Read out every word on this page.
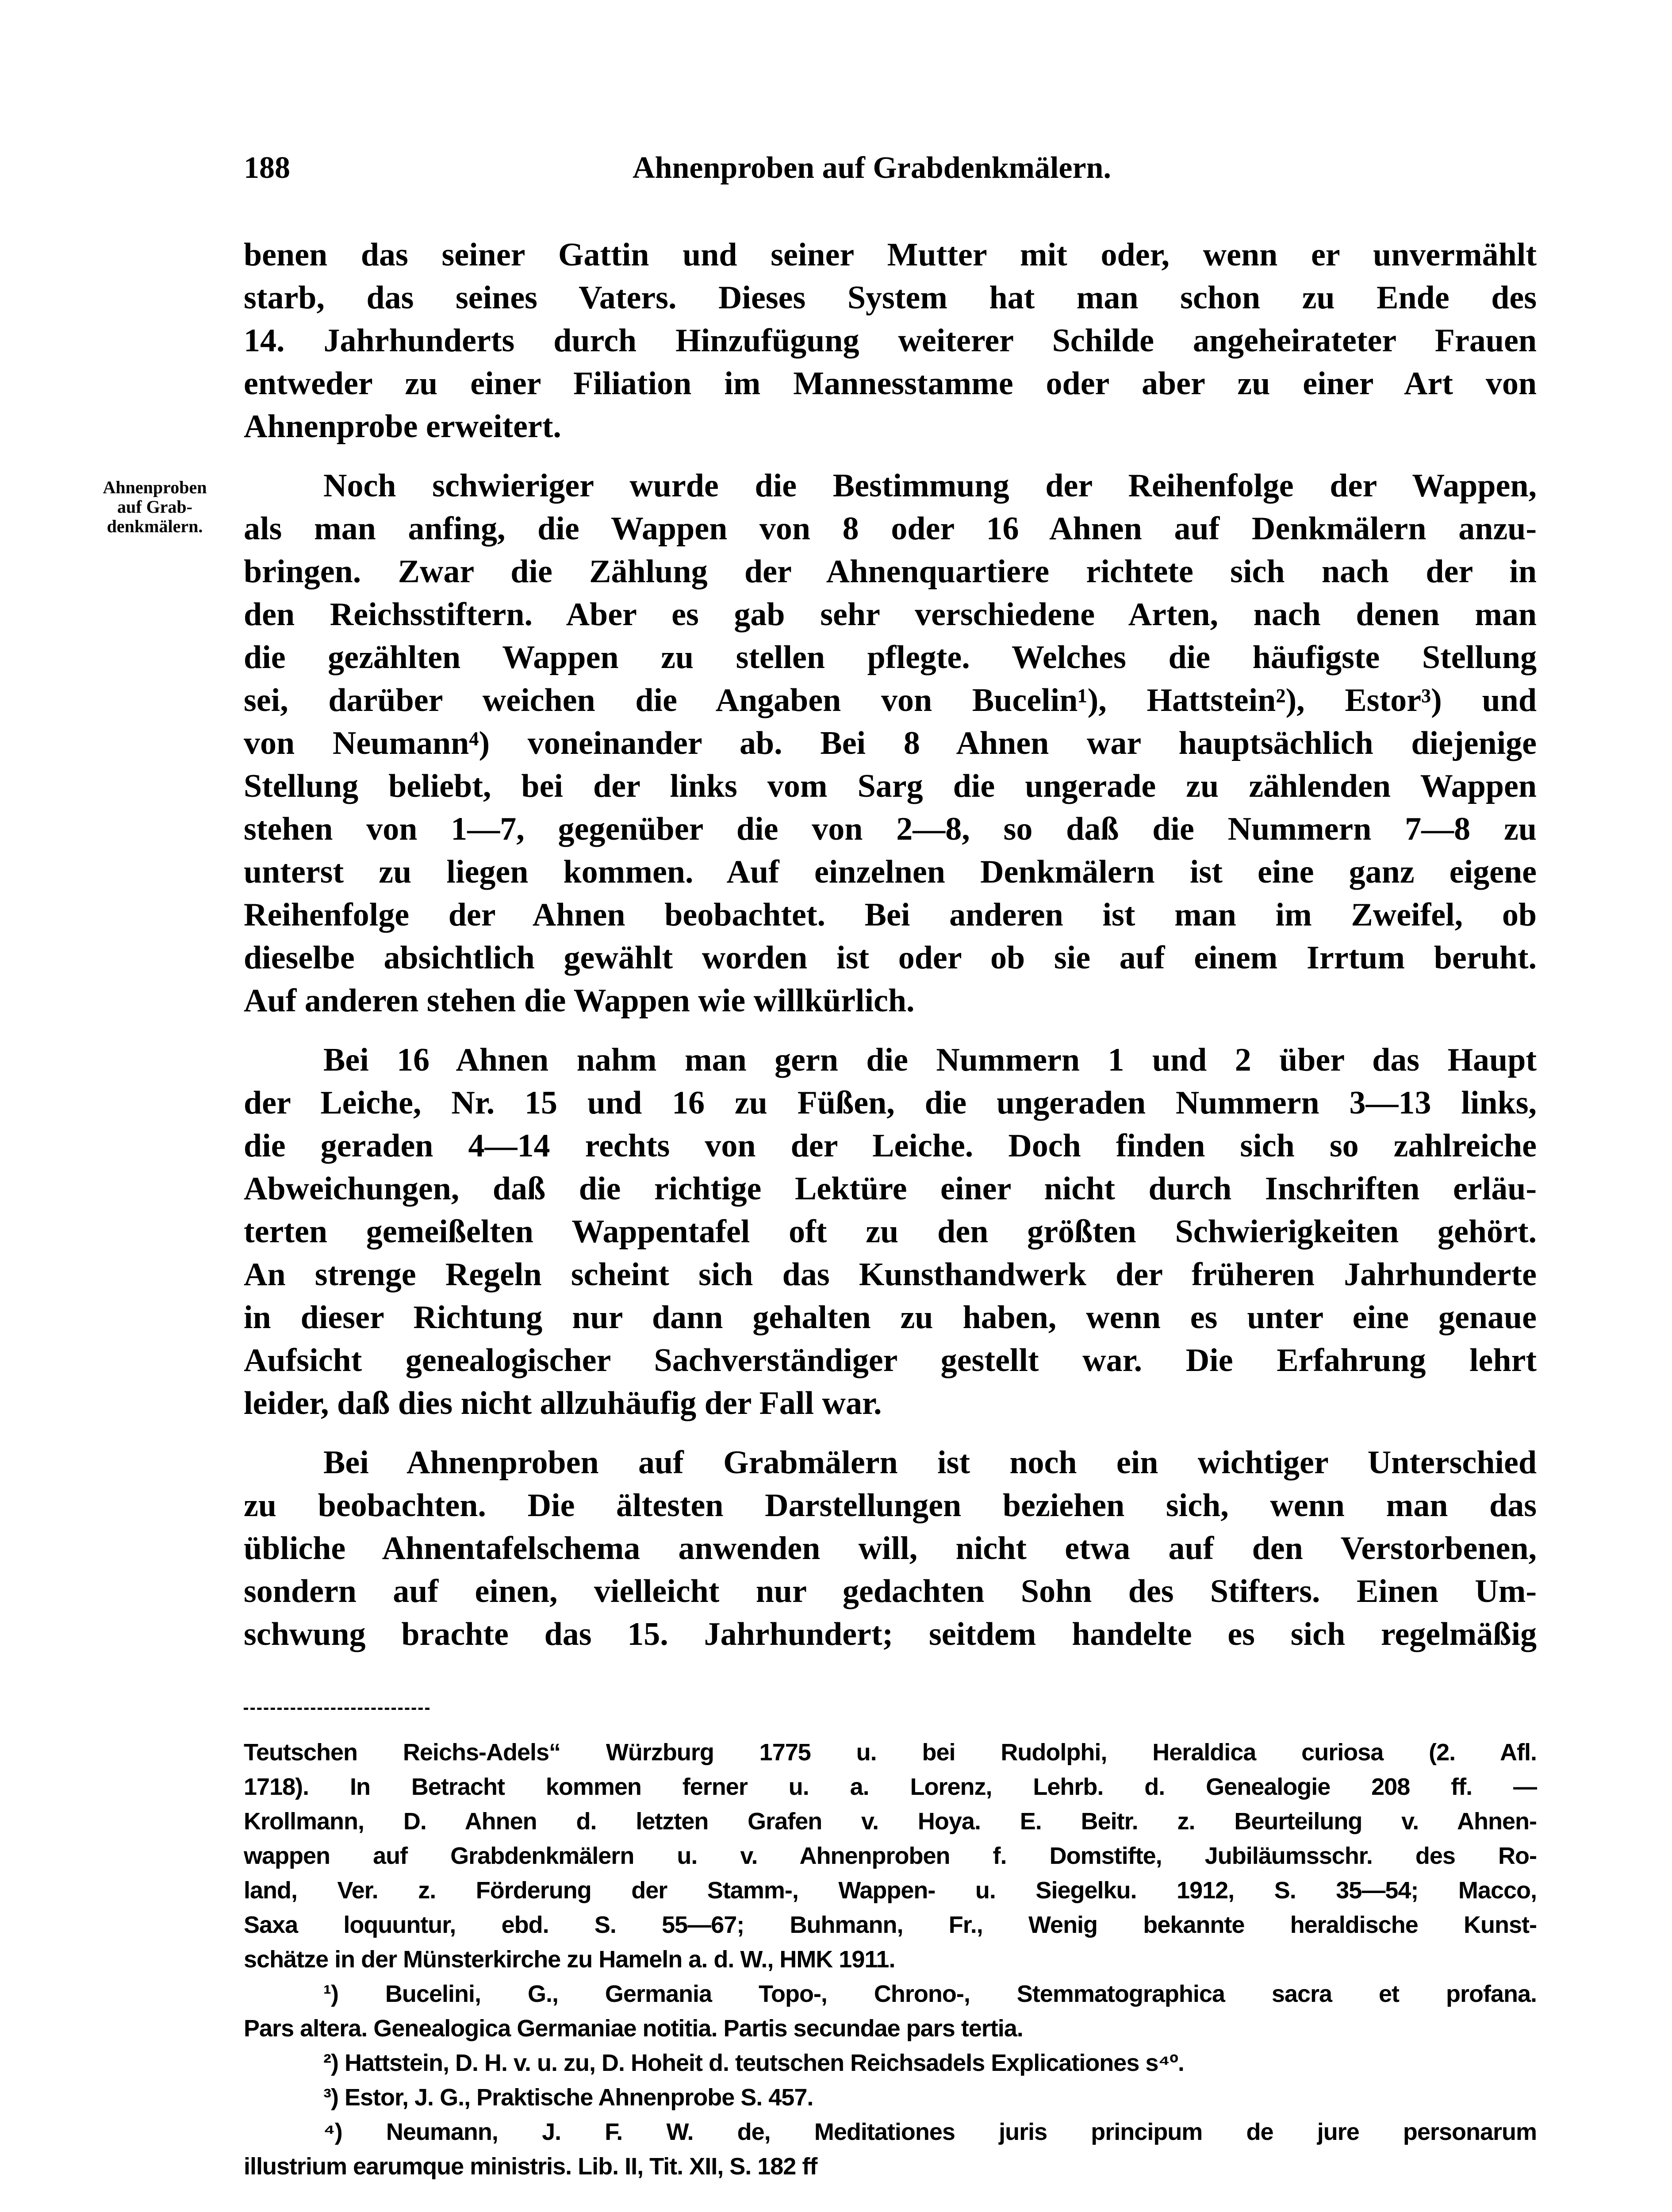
188	Ahnenproben auf Grabdenkmälern.
Ahnenproben
auf Grab-
denkmälern.
benen das seiner Gattin und seiner Mutter mit oder, wenn er unvermählt
starb, das seines Vaters. Dieses System hat man schon zu Ende des
14. Jahrhunderts durch Hinzufügung weiterer Schilde angeheirateter Frauen
entweder zu einer Filiation im Mannesstamme oder aber zu einer Art von
Ahnenprobe erweitert.
Noch schwieriger wurde die Bestimmung der Reihenfolge der Wappen,
als man anfing, die Wappen von 8 oder 16 Ahnen auf Denkmälern anzu-
bringen. Zwar die Zählung der Ahnenquartiere richtete sich nach der in
den Reichsstiftern. Aber es gab sehr verschiedene Arten, nach denen man
die gezählten Wappen zu stellen pflegte. Welches die häufigste Stellung
sei, darüber weichen die Angaben von Bucelin¹), Hattstein²), Estor³) und
von Neumann⁴) voneinander ab. Bei 8 Ahnen war hauptsächlich diejenige
Stellung beliebt, bei der links vom Sarg die ungerade zu zählenden Wappen
stehen von 1—7, gegenüber die von 2—8, so daß die Nummern 7—8 zu
unterst zu liegen kommen. Auf einzelnen Denkmälern ist eine ganz eigene
Reihenfolge der Ahnen beobachtet. Bei anderen ist man im Zweifel, ob
dieselbe absichtlich gewählt worden ist oder ob sie auf einem Irrtum beruht.
Auf anderen stehen die Wappen wie willkürlich.
Bei 16 Ahnen nahm man gern die Nummern 1 und 2 über das Haupt
der Leiche, Nr. 15 und 16 zu Füßen, die ungeraden Nummern 3—13 links,
die geraden 4—14 rechts von der Leiche. Doch finden sich so zahlreiche
Abweichungen, daß die richtige Lektüre einer nicht durch Inschriften erläu-
terten gemeißelten Wappentafel oft zu den größten Schwierigkeiten gehört.
An strenge Regeln scheint sich das Kunsthandwerk der früheren Jahrhunderte
in dieser Richtung nur dann gehalten zu haben, wenn es unter eine genaue
Aufsicht genealogischer Sachverständiger gestellt war. Die Erfahrung lehrt
leider, daß dies nicht allzuhäufig der Fall war.
Bei Ahnenproben auf Grabmälern ist noch ein wichtiger Unterschied
zu beobachten. Die ältesten Darstellungen beziehen sich, wenn man das
übliche Ahnentafelschema anwenden will, nicht etwa auf den Verstorbenen,
sondern auf einen, vielleicht nur gedachten Sohn des Stifters. Einen Um-
schwung brachte das 15. Jahrhundert; seitdem handelte es sich regelmäßig
Teutschen Reichs-Adels“ Würzburg 1775 u. bei Rudolphi, Heraldica curiosa (2. Afl.
1718). In Betracht kommen ferner u. a. Lorenz, Lehrb. d. Genealogie 208 ff. —
Krollmann, D. Ahnen d. letzten Grafen v. Hoya. E. Beitr. z. Beurteilung v. Ahnen-
wappen auf Grabdenkmälern u. v. Ahnenproben f. Domstifte, Jubiläumsschr. des Ro-
land, Ver. z. Förderung der Stamm-, Wappen- u. Siegelku. 1912, S. 35—54; Macco,
Saxa loquuntur, ebd. S. 55—67; Buhmann, Fr., Wenig bekannte heraldische Kunst-
schätze in der Münsterkirche zu Hameln a. d. W., HMK 1911.
¹) Bucelini, G., Germania Topo-, Chrono-, Stemmatographica sacra et profana.
Pars altera. Genealogica Germaniae notitia. Partis secundae pars tertia.
²) Hattstein, D. H. v. u. zu, D. Hoheit d. teutschen Reichsadels Explicationes s⁴º.
³) Estor, J. G., Praktische Ahnenprobe S. 457.
⁴) Neumann, J. F. W. de, Meditationes juris principum de jure personarum
illustrium earumque ministris. Lib. II, Tit. XII, S. 182 ff
